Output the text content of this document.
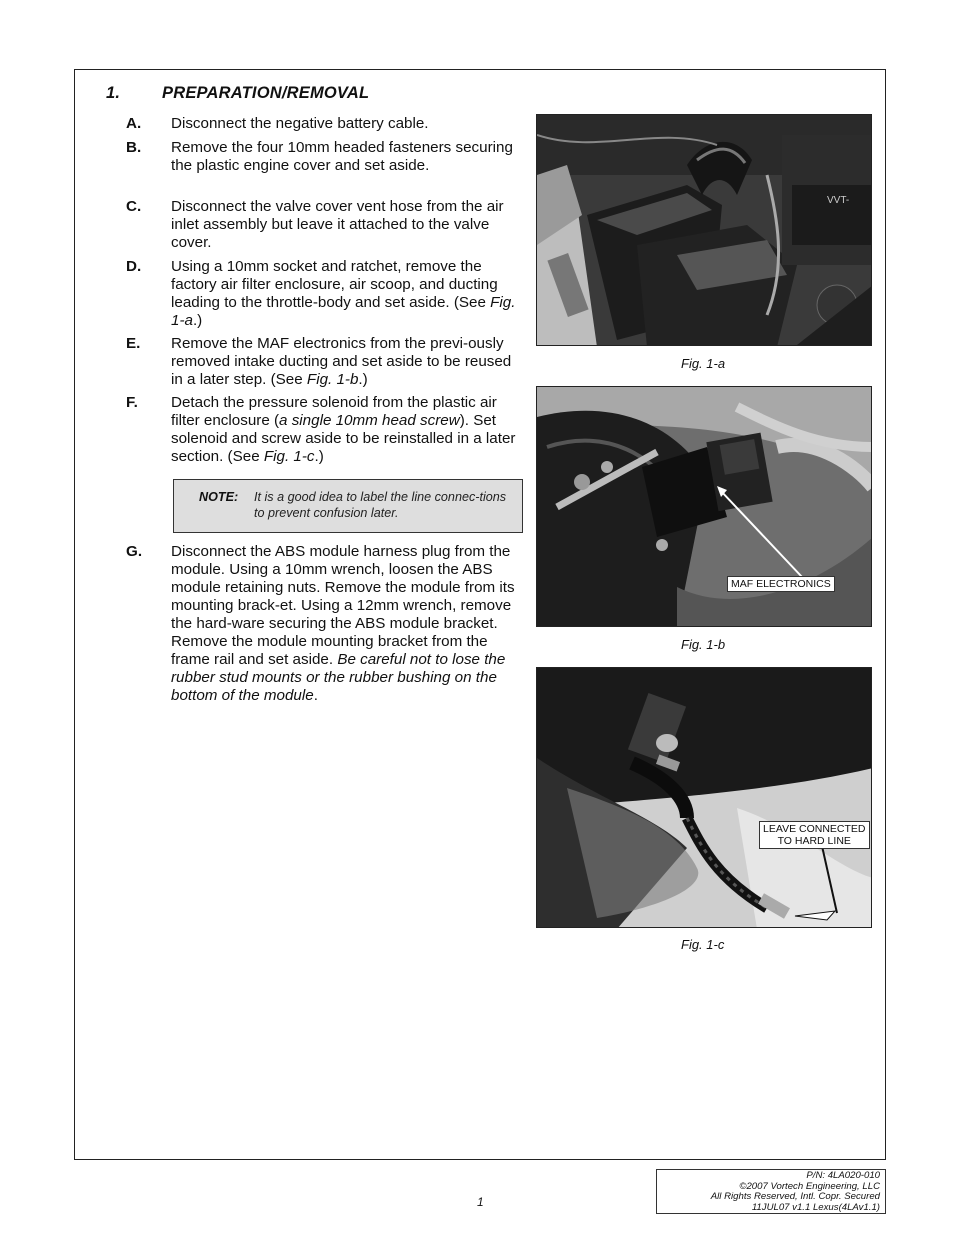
1.	PREPARATION/REMOVAL
A. Disconnect the negative battery cable.
B. Remove the four 10mm headed fasteners securing the plastic engine cover and set aside.
C. Disconnect the valve cover vent hose from the air inlet assembly but leave it attached to the valve cover.
D. Using a 10mm socket and ratchet, remove the factory air filter enclosure, air scoop, and ducting leading to the throttle-body and set aside. (See Fig. 1-a.)
E. Remove the MAF electronics from the previ-ously removed intake ducting and set aside to be reused in a later step. (See Fig. 1-b.)
F. Detach the pressure solenoid from the plastic air filter enclosure (a single 10mm head screw). Set solenoid and screw aside to be reinstalled in a later section. (See Fig. 1-c.)
NOTE: It is a good idea to label the line connec-tions to prevent confusion later.
G. Disconnect the ABS module harness plug from the module. Using a 10mm wrench, loosen the ABS module retaining nuts. Remove the module from its mounting brack-et. Using a 12mm wrench, remove the hard-ware securing the ABS module bracket. Remove the module mounting bracket from the frame rail and set aside. Be careful not to lose the rubber stud mounts or the rubber bushing on the bottom of the module.
VVT-
Fig. 1-a
MAF ELECTRONICS
Fig. 1-b
LEAVE CONNECTED
TO HARD LINE
Fig. 1-c
1
P/N: 4LA020-010
©2007 Vortech Engineering, LLC
All Rights Reserved, Intl. Copr. Secured
11JUL07 v1.1 Lexus(4LAv1.1)
